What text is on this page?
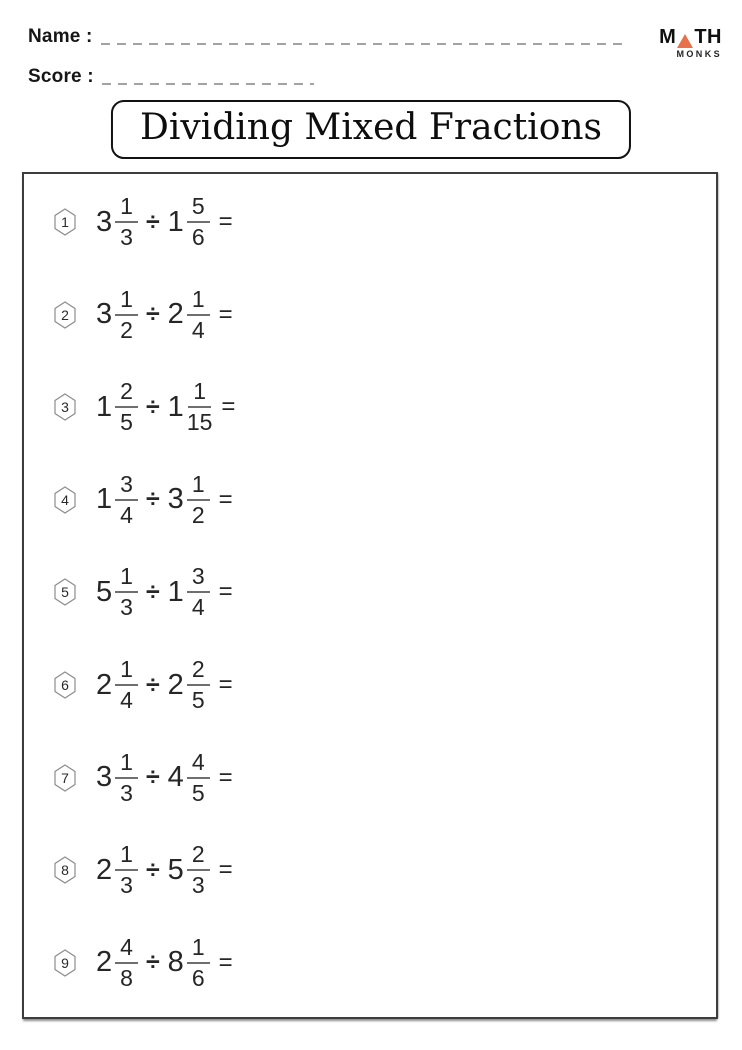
Name :
Score :
M TH
MONKS
Dividing Mixed Fractions
1 $3 \frac{1}{3} \div 1 \frac{5}{6}$ =
2 $3 \frac{1}{2} \div 2 \frac{1}{4}$ =
3 $1 \frac{2}{5} \div 1 \frac{1}{15}$ =
4 $1 \frac{3}{4} \div 3 \frac{1}{2}$ =
5 $5 \frac{1}{3} \div 1 \frac{3}{4}$ =
6 $2 \frac{1}{4} \div 2 \frac{2}{5}$ =
7 $3 \frac{1}{3} \div 4 \frac{4}{5}$ =
8 $2 \frac{1}{3} \div 5 \frac{2}{3}$ =
9 $2 \frac{4}{8} \div 8 \frac{1}{6}$ =
